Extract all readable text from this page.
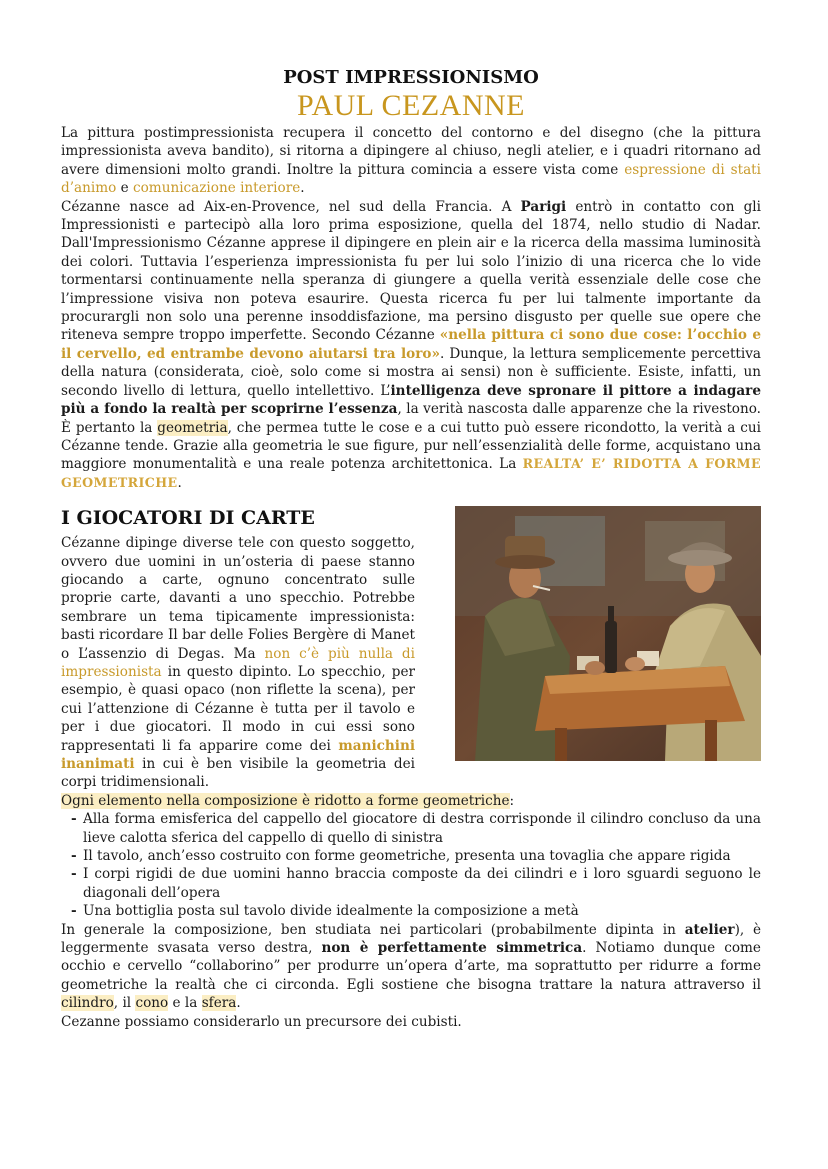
POST IMPRESSIONISMO
PAUL CEZANNE

La pittura postimpressionista recupera il concetto del contorno e del disegno (che la pittura impressionista aveva bandito), si ritorna a dipingere al chiuso, negli atelier, e i quadri ritornano ad avere dimensioni molto grandi. Inoltre la pittura comincia a essere vista come espressione di stati d’animo e comunicazione interiore.

Cézanne nasce ad Aix-en-Provence, nel sud della Francia. A Parigi entrò in contatto con gli Impressionisti e partecipò alla loro prima esposizione, quella del 1874, nello studio di Nadar. Dall'Impressionismo Cézanne apprese il dipingere en plein air e la ricerca della massima luminosità dei colori. Tuttavia l’esperienza impressionista fu per lui solo l’inizio di una ricerca che lo vide tormentarsi continuamente nella speranza di giungere a quella verità essenziale delle cose che l’impressione visiva non poteva esaurire. Questa ricerca fu per lui talmente importante da procurargli non solo una perenne insoddisfazione, ma persino disgusto per quelle sue opere che riteneva sempre troppo imperfette. Secondo Cézanne «nella pittura ci sono due cose: l’occhio e il cervello, ed entrambe devono aiutarsi tra loro». Dunque, la lettura semplicemente percettiva della natura (considerata, cioè, solo come si mostra ai sensi) non è sufficiente. Esiste, infatti, un secondo livello di lettura, quello intellettivo. L’intelligenza deve spronare il pittore a indagare più a fondo la realtà per scoprirne l’essenza, la verità nascosta dalle apparenze che la rivestono. È pertanto la geometria, che permea tutte le cose e a cui tutto può essere ricondotto, la verità a cui Cézanne tende. Grazie alla geometria le sue figure, pur nell’essenzialità delle forme, acquistano una maggiore monumentalità e una reale potenza architettonica. La REALTA’ E’ RIDOTTA A FORME GEOMETRICHE.

I GIOCATORI DI CARTE

Cézanne dipinge diverse tele con questo soggetto, ovvero due uomini in un’osteria di paese stanno giocando a carte, ognuno concentrato sulle proprie carte, davanti a uno specchio. Potrebbe sembrare un tema tipicamente impressionista: basti ricordare Il bar delle Folies Bergère di Manet o L’assenzio di Degas. Ma non c’è più nulla di impressionista in questo dipinto. Lo specchio, per esempio, è quasi opaco (non riflette la scena), per cui l’attenzione di Cézanne è tutta per il tavolo e per i due giocatori. Il modo in cui essi sono rappresentati li fa apparire come dei manichini inanimati in cui è ben visibile la geometria dei corpi tridimensionali.

Ogni elemento nella composizione è ridotto a forme geometriche:

- Alla forma emisferica del cappello del giocatore di destra corrisponde il cilindro concluso da una lieve calotta sferica del cappello di quello di sinistra
- Il tavolo, anch’esso costruito con forme geometriche, presenta una tovaglia che appare rigida
- I corpi rigidi de due uomini hanno braccia composte da dei cilindri e i loro sguardi seguono le diagonali dell’opera
- Una bottiglia posta sul tavolo divide idealmente la composizione a metà

In generale la composizione, ben studiata nei particolari (probabilmente dipinta in atelier), è leggermente svasata verso destra, non è perfettamente simmetrica. Notiamo dunque come occhio e cervello “collaborino” per produrre un’opera d’arte, ma soprattutto per ridurre a forme geometriche la realtà che ci circonda. Egli sostiene che bisogna trattare la natura attraverso il cilindro, il cono e la sfera.

Cezanne possiamo considerarlo un precursore dei cubisti.
